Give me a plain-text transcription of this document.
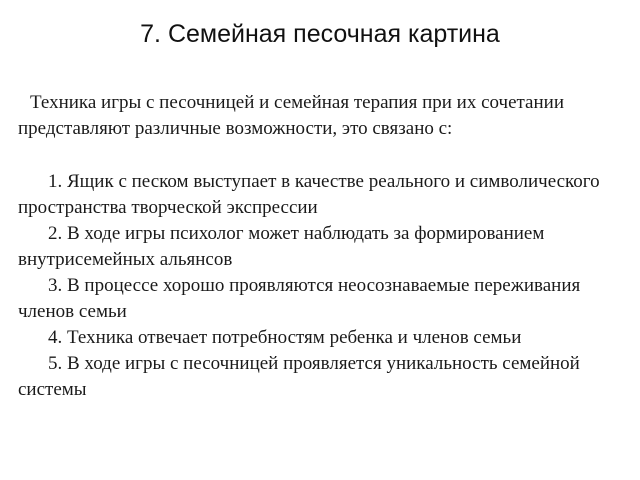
7. Семейная песочная картина

Техника игры с песочницей и семейная терапия при их сочетании представляют различные возможности, это связано с:

1. Ящик с песком выступает в качестве реального и символического пространства творческой экспрессии
2. В ходе игры психолог может наблюдать за формированием внутрисемейных альянсов
3. В процессе хорошо проявляются неосознаваемые переживания членов семьи
4. Техника отвечает потребностям ребенка и членов семьи
5. В ходе игры с песочницей проявляется уникальность семейной системы
